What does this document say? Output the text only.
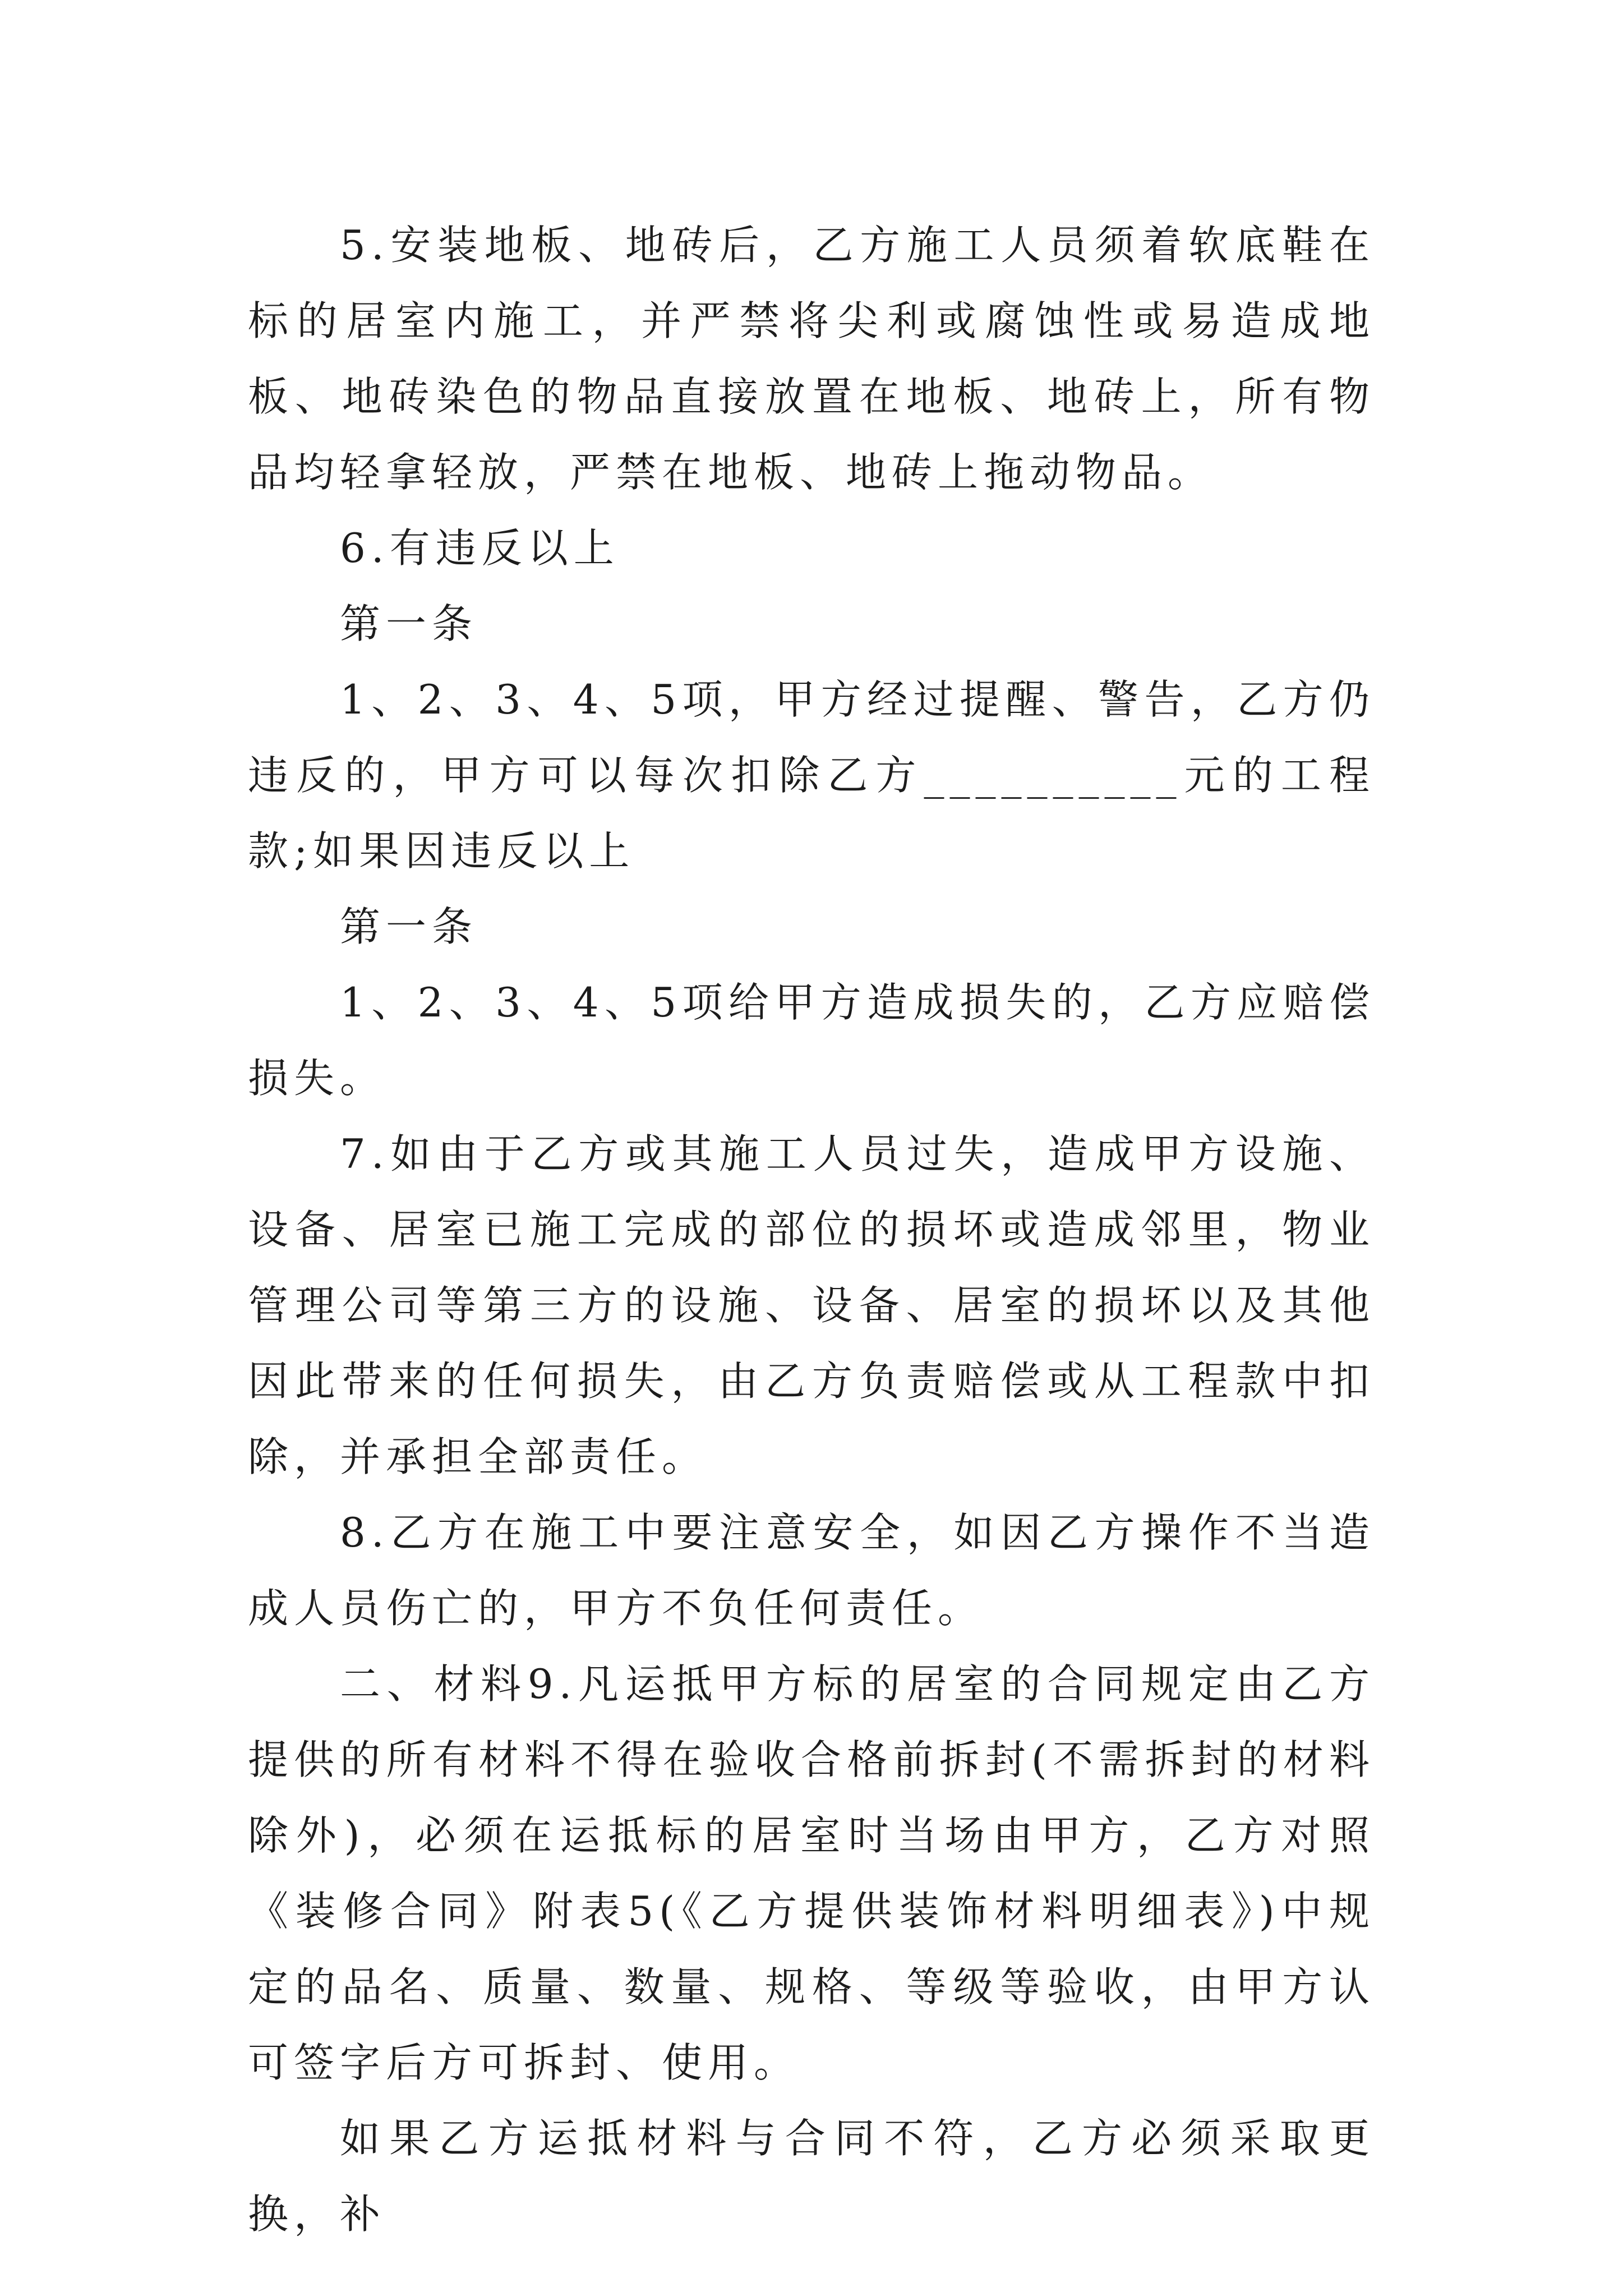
5.安装地板、地砖后，乙方施工人员须着软底鞋在标的居室内施工，并严禁将尖利或腐蚀性或易造成地板、地砖染色的物品直接放置在地板、地砖上，所有物品均轻拿轻放，严禁在地板、地砖上拖动物品。

6.有违反以上

第一条

1、2、3、4、5项，甲方经过提醒、警告，乙方仍违反的，甲方可以每次扣除乙方__________元的工程款;如果因违反以上

第一条

1、2、3、4、5项给甲方造成损失的，乙方应赔偿损失。

7.如由于乙方或其施工人员过失，造成甲方设施、设备、居室已施工完成的部位的损坏或造成邻里，物业管理公司等第三方的设施、设备、居室的损坏以及其他因此带来的任何损失，由乙方负责赔偿或从工程款中扣除，并承担全部责任。

8.乙方在施工中要注意安全，如因乙方操作不当造成人员伤亡的，甲方不负任何责任。

二、材料9.凡运抵甲方标的居室的合同规定由乙方提供的所有材料不得在验收合格前拆封(不需拆封的材料除外)，必须在运抵标的居室时当场由甲方，乙方对照《装修合同》附表5(《乙方提供装饰材料明细表》)中规定的品名、质量、数量、规格、等级等验收，由甲方认可签字后方可拆封、使用。

如果乙方运抵材料与合同不符，乙方必须采取更换，补
